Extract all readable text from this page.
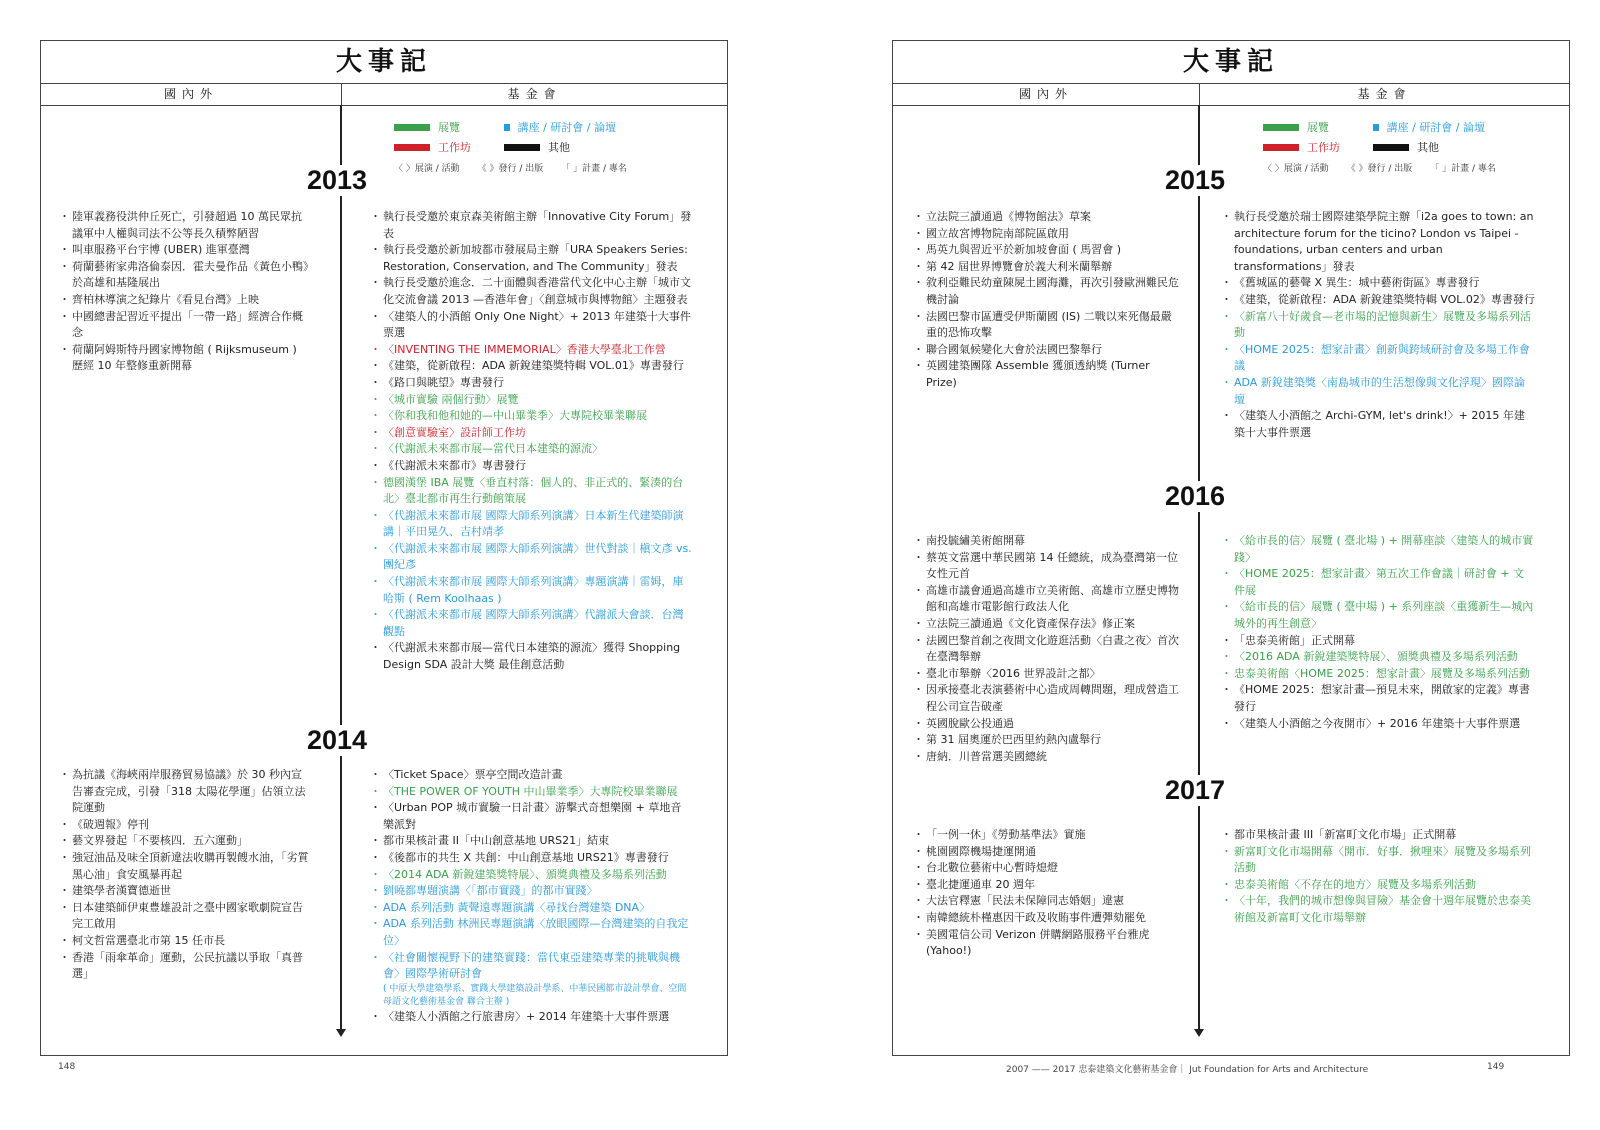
大事記
國內外	基金會
展覽	講座 / 研討會 / 論壇
工作坊	其他
〈 〉展演 / 活動 《 》發行 / 出版 「 」計畫 / 專名
2013
・ 陸軍義務役洪仲丘死亡，引發超過 10 萬民眾抗議軍中人權與司法不公等長久積弊陋習
・ 叫車服務平台宇博 (UBER) 進軍臺灣
・ 荷蘭藝術家弗洛倫泰因．霍夫曼作品《黃色小鴨》於高雄和基隆展出
・ 齊柏林導演之紀錄片《看見台灣》上映
・ 中國總書記習近平提出「一帶一路」經濟合作概念
・ 荷蘭阿姆斯特丹國家博物館 ( Rijksmuseum ) 歷經 10 年整修重新開幕
・ 執行長受邀於東京森美術館主辦「Innovative City Forum」發表
・ 執行長受邀於新加坡都市發展局主辦「URA Speakers Series: Restoration, Conservation, and The Community」發表
・ 執行長受邀於進念．二十面體與香港當代文化中心主辦「城市文化交流會議 2013 —香港年會」〈創意城市與博物館〉主題發表
・ 〈建築人的小酒館 Only One Night〉+ 2013 年建築十大事件票選
・ 〈INVENTING THE IMMEMORIAL〉香港大學臺北工作營
・ 《建築，從新啟程：ADA 新銳建築獎特輯 VOL.01》專書發行
・ 《路口與眺望》專書發行
・ 〈城市實驗 兩個行動〉展覽
・ 〈你和我和他和她的—中山畢業季〉大專院校畢業聯展
・ 〈創意實驗室〉設計師工作坊
・ 〈代謝派未來都市展—當代日本建築的源流〉
・ 《代謝派未來都市》專書發行
・ 德國漢堡 IBA 展覽〈垂直村落：個人的、非正式的、緊湊的台北〉臺北都市再生行動館策展
・ 〈代謝派未來都市展 國際大師系列演講〉日本新生代建築師演講｜平田晃久、吉村靖孝
・ 〈代謝派未來都市展 國際大師系列演講〉世代對談｜槇文彥 vs. 團紀彥
・ 〈代謝派未來都市展 國際大師系列演講〉專題演講｜雷姆，庫哈斯 ( Rem Koolhaas )
・ 〈代謝派未來都市展 國際大師系列演講〉代謝派大會談．台灣觀點
・ 〈代謝派未來都市展—當代日本建築的源流〉獲得 Shopping Design SDA 設計大獎 最佳創意活動
2014
・ 為抗議《海峽兩岸服務貿易協議》於 30 秒內宣告審查完成，引發「318 太陽花學運」佔領立法院運動
・ 《破週報》停刊
・ 藝文界發起「不要核四．五六運動」
・ 強冠油品及味全頂新違法收購再製餿水油，「劣質黑心油」食安風暴再起
・ 建築學者漢寶德逝世
・ 日本建築師伊東豊雄設計之臺中國家歌劇院宣告完工啟用
・ 柯文哲當選臺北市第 15 任市長
・ 香港「雨傘革命」運動，公民抗議以爭取「真普選」
・ 〈Ticket Space〉票亭空間改造計畫
・ 〈THE POWER OF YOUTH 中山畢業季〉大專院校畢業聯展
・ 〈Urban POP 城市實驗一日計畫〉游擊式奇想樂園 + 草地音樂派對
・ 都市果核計畫 II「中山創意基地 URS21」結束
・ 《後都市的共生 X 共創：中山創意基地 URS21》專書發行
・ 〈2014 ADA 新銳建築獎特展〉、頒獎典禮及多場系列活動
・ 劉曉都專題演講〈「都市實踐」的都市實踐〉
・ ADA 系列活動 黃聲遠專題演講〈尋找台灣建築 DNA〉
・ ADA 系列活動 林洲民專題演講〈放眼國際—台灣建築的自我定位〉
・ 〈社會關懷視野下的建築實踐：當代東亞建築專業的挑戰與機會〉國際學術研討會
( 中原大學建築學系、實踐大學建築設計學系、中華民國都市設計學會、空間母語文化藝術基金會 聯合主辦 )
・ 〈建築人小酒館之行旅書房〉+ 2014 年建築十大事件票選
大事記
國內外	基金會
展覽	講座 / 研討會 / 論壇
工作坊	其他
〈 〉展演 / 活動 《 》發行 / 出版 「 」計畫 / 專名
2015
・ 立法院三讀通過《博物館法》草案
・ 國立故宮博物院南部院區啟用
・ 馬英九與習近平於新加坡會面 ( 馬習會 )
・ 第 42 屆世界博覽會於義大利米蘭舉辦
・ 敘利亞難民幼童陳屍土國海灘，再次引發歐洲難民危機討論
・ 法國巴黎市區遭受伊斯蘭國 (IS) 二戰以來死傷最嚴重的恐怖攻擊
・ 聯合國氣候變化大會於法國巴黎舉行
・ 英國建築團隊 Assemble 獲頒透納獎 (Turner Prize)
・ 執行長受邀於瑞士國際建築學院主辦「i2a goes to town: an architecture forum for the ticino? London vs Taipei - foundations, urban centers and urban transformations」發表
・ 《舊城區的藝聲 X 異生：城中藝術街區》專書發行
・ 《建築，從新啟程：ADA 新銳建築獎特輯 VOL.02》專書發行
・ 〈新富八十好歲食—老市場的記憶與新生〉展覽及多場系列活動
・ 〈HOME 2025：想家計畫〉創新與跨域研討會及多場工作會議
・ ADA 新銳建築獎〈南島城市的生活想像與文化浮現〉國際論壇
・ 〈建築人小酒館之 Archi-GYM, let's drink!〉+ 2015 年建築十大事件票選
2016
・ 南投毓繡美術館開幕
・ 蔡英文當選中華民國第 14 任總統，成為臺灣第一位女性元首
・ 高雄市議會通過高雄市立美術館、高雄市立歷史博物館和高雄市電影館行政法人化
・ 立法院三讀通過《文化資產保存法》修正案
・ 法國巴黎首創之夜間文化遊逛活動〈白晝之夜〉首次在臺灣舉辦
・ 臺北市舉辦〈2016 世界設計之都〉
・ 因承接臺北表演藝術中心造成周轉問題，理成營造工程公司宣告破產
・ 英國脫歐公投通過
・ 第 31 屆奧運於巴西里約熱內盧舉行
・ 唐納．川普當選美國總統
・ 〈給市長的信〉展覽 ( 臺北場 ) + 開幕座談〈建築人的城市實踐〉
・ 〈HOME 2025：想家計畫〉第五次工作會議｜研討會 + 文件展
・ 〈給市長的信〉展覽 ( 臺中場 ) + 系列座談〈重獲新生—城內城外的再生創意〉
・ 「忠泰美術館」正式開幕
・ 〈2016 ADA 新銳建築獎特展〉、頒獎典禮及多場系列活動
・ 忠泰美術館〈HOME 2025：想家計畫〉展覽及多場系列活動
・ 《HOME 2025：想家計畫—預見未來，開啟家的定義》專書發行
・ 〈建築人小酒館之今夜開市〉+ 2016 年建築十大事件票選
2017
・ 「一例一休」《勞動基準法》實施
・ 桃園國際機場捷運開通
・ 台北數位藝術中心暫時熄燈
・ 臺北捷運通車 20 週年
・ 大法官釋憲「民法未保障同志婚姻」違憲
・ 南韓總統朴槿惠因干政及收賄事件遭彈劾罷免
・ 美國電信公司 Verizon 併購網路服務平台雅虎 (Yahoo!)
・ 都市果核計畫 III「新富町文化市場」正式開幕
・ 新富町文化市場開幕〈開市．好事．揪哩來〉展覽及多場系列活動
・ 忠泰美術館〈不存在的地方〉展覽及多場系列活動
・ 〈十年，我們的城市想像與冒險〉基金會十週年展覽於忠泰美術館及新富町文化市場舉辦
148	2007 —— 2017 忠泰建築文化藝術基金會｜ Jut Foundation for Arts and Architecture	149
